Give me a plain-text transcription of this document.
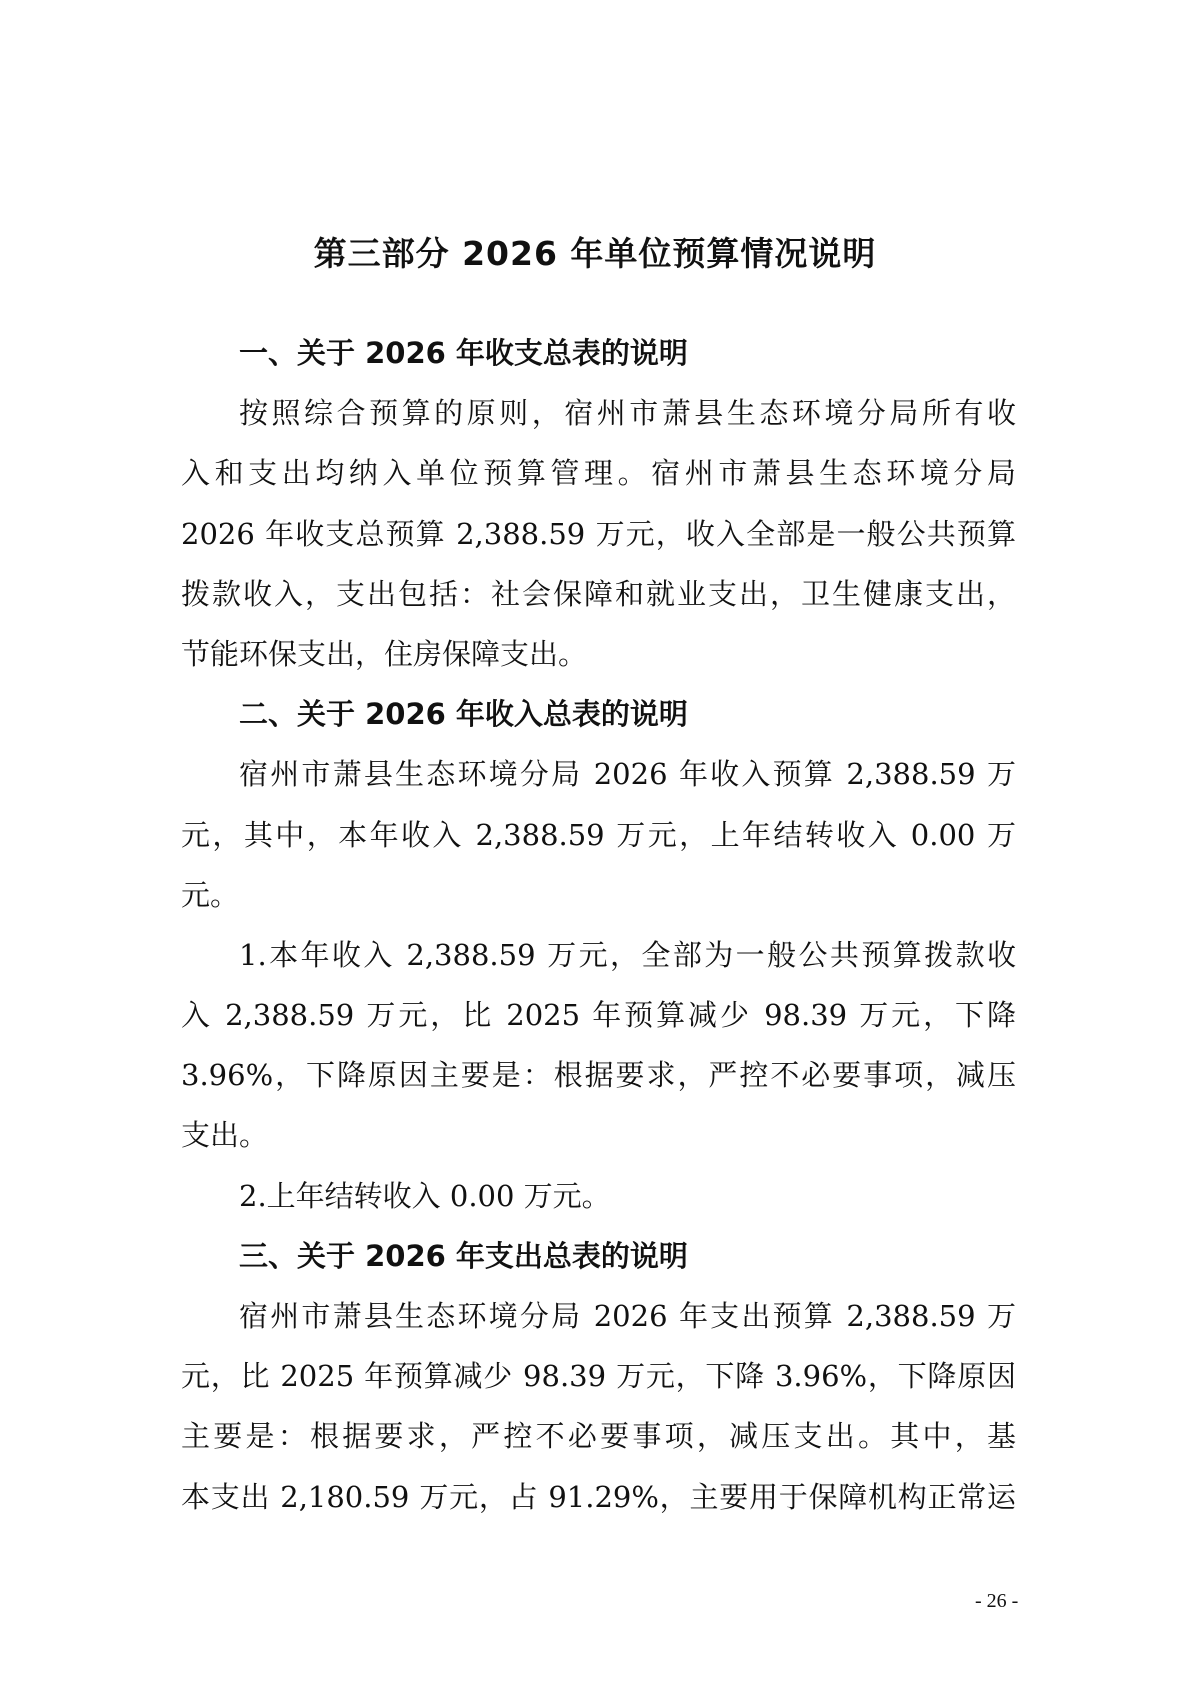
第三部分 2026 年单位预算情况说明
一、关于 2026 年收支总表的说明
按照综合预算的原则，宿州市萧县生态环境分局所有收
入和支出均纳入单位预算管理。宿州市萧县生态环境分局
2026 年收支总预算 2,388.59 万元，收入全部是一般公共预算
拨款收入，支出包括：社会保障和就业支出，卫生健康支出，
节能环保支出，住房保障支出。
二、关于 2026 年收入总表的说明
宿州市萧县生态环境分局 2026 年收入预算 2,388.59 万
元，其中，本年收入 2,388.59 万元，上年结转收入 0.00 万
元。
1.本年收入 2,388.59 万元，全部为一般公共预算拨款收
入 2,388.59 万元，比 2025 年预算减少 98.39 万元，下降
3.96%，下降原因主要是：根据要求，严控不必要事项，减压
支出。
2.上年结转收入 0.00 万元。
三、关于 2026 年支出总表的说明
宿州市萧县生态环境分局 2026 年支出预算 2,388.59 万
元，比 2025 年预算减少 98.39 万元，下降 3.96%，下降原因
主要是：根据要求，严控不必要事项，减压支出。其中，基
本支出 2,180.59 万元，占 91.29%，主要用于保障机构正常运
- 26 -
